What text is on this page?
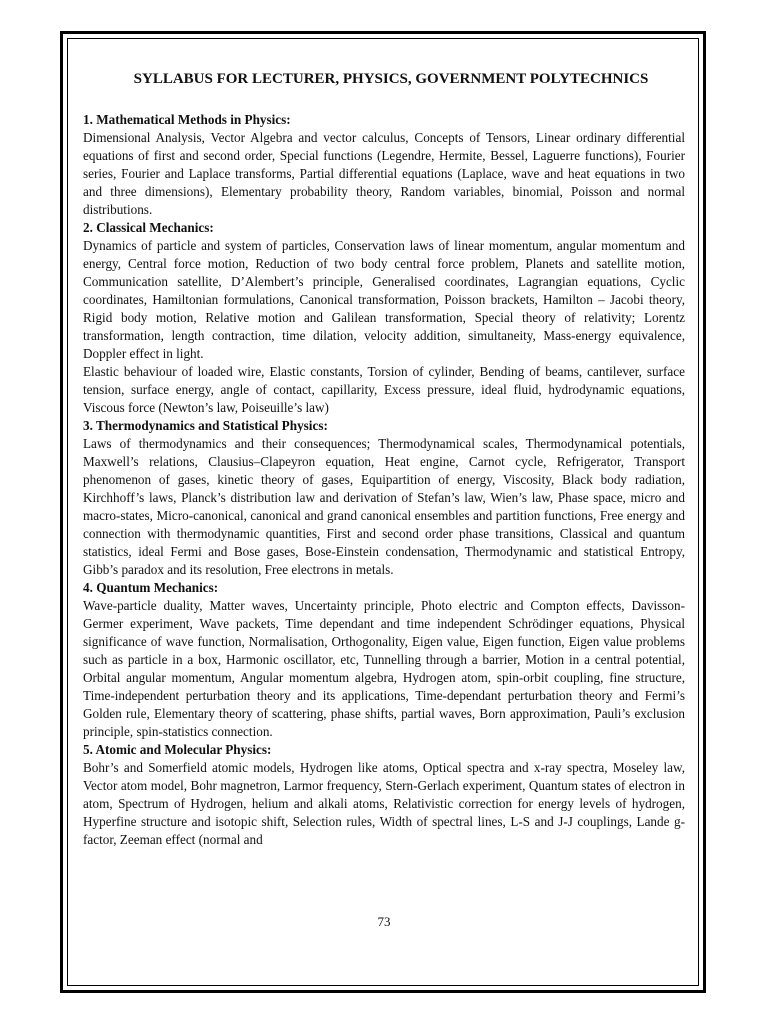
SYLLABUS FOR LECTURER, PHYSICS, GOVERNMENT POLYTECHNICS

1. Mathematical Methods in Physics:

Dimensional Analysis, Vector Algebra and vector calculus, Concepts of Tensors, Linear ordinary differential equations of first and second order, Special functions (Legendre, Hermite, Bessel, Laguerre functions), Fourier series, Fourier and Laplace transforms, Partial differential equations (Laplace, wave and heat equations in two and three dimensions), Elementary probability theory, Random variables, binomial, Poisson and normal distributions.

2. Classical Mechanics:

Dynamics of particle and system of particles, Conservation laws of linear momentum, angular momentum and energy, Central force motion, Reduction of two body central force problem, Planets and satellite motion, Communication satellite, D’Alembert’s principle, Generalised coordinates, Lagrangian equations, Cyclic coordinates, Hamiltonian formulations, Canonical transformation, Poisson brackets, Hamilton – Jacobi theory, Rigid body motion, Relative motion and Galilean transformation, Special theory of relativity; Lorentz transformation, length contraction, time dilation, velocity addition, simultaneity, Mass-energy equivalence, Doppler effect in light.

Elastic behaviour of loaded wire, Elastic constants, Torsion of cylinder, Bending of beams, cantilever, surface tension, surface energy, angle of contact, capillarity, Excess pressure, ideal fluid, hydrodynamic equations, Viscous force (Newton’s law, Poiseuille’s law)

3. Thermodynamics and Statistical Physics:

Laws of thermodynamics and their consequences; Thermodynamical scales, Thermodynamical potentials, Maxwell’s relations, Clausius–Clapeyron equation, Heat engine, Carnot cycle, Refrigerator, Transport phenomenon of gases, kinetic theory of gases, Equipartition of energy, Viscosity, Black body radiation, Kirchhoff’s laws, Planck’s distribution law and derivation of Stefan’s law, Wien’s law, Phase space, micro and macro-states, Micro-canonical, canonical and grand canonical ensembles and partition functions, Free energy and connection with thermodynamic quantities, First and second order phase transitions, Classical and quantum statistics, ideal Fermi and Bose gases, Bose-Einstein condensation, Thermodynamic and statistical Entropy, Gibb’s paradox and its resolution, Free electrons in metals.

4. Quantum Mechanics:

Wave-particle duality, Matter waves, Uncertainty principle, Photo electric and Compton effects, Davisson-Germer experiment, Wave packets, Time dependant and time independent Schrödinger equations, Physical significance of wave function, Normalisation, Orthogonality, Eigen value, Eigen function, Eigen value problems such as particle in a box, Harmonic oscillator, etc, Tunnelling through a barrier, Motion in a central potential, Orbital angular momentum, Angular momentum algebra, Hydrogen atom, spin-orbit coupling, fine structure, Time-independent perturbation theory and its applications, Time-dependant perturbation theory and Fermi’s Golden rule, Elementary theory of scattering, phase shifts, partial waves, Born approximation, Pauli’s exclusion principle, spin-statistics connection.

5. Atomic and Molecular Physics:

Bohr’s and Somerfield atomic models, Hydrogen like atoms, Optical spectra and x-ray spectra, Moseley law, Vector atom model, Bohr magnetron, Larmor frequency, Stern-Gerlach experiment, Quantum states of electron in atom, Spectrum of Hydrogen, helium and alkali atoms, Relativistic correction for energy levels of hydrogen, Hyperfine structure and isotopic shift, Selection rules, Width of spectral lines, L-S and J-J couplings, Lande g-factor, Zeeman effect (normal and

73
